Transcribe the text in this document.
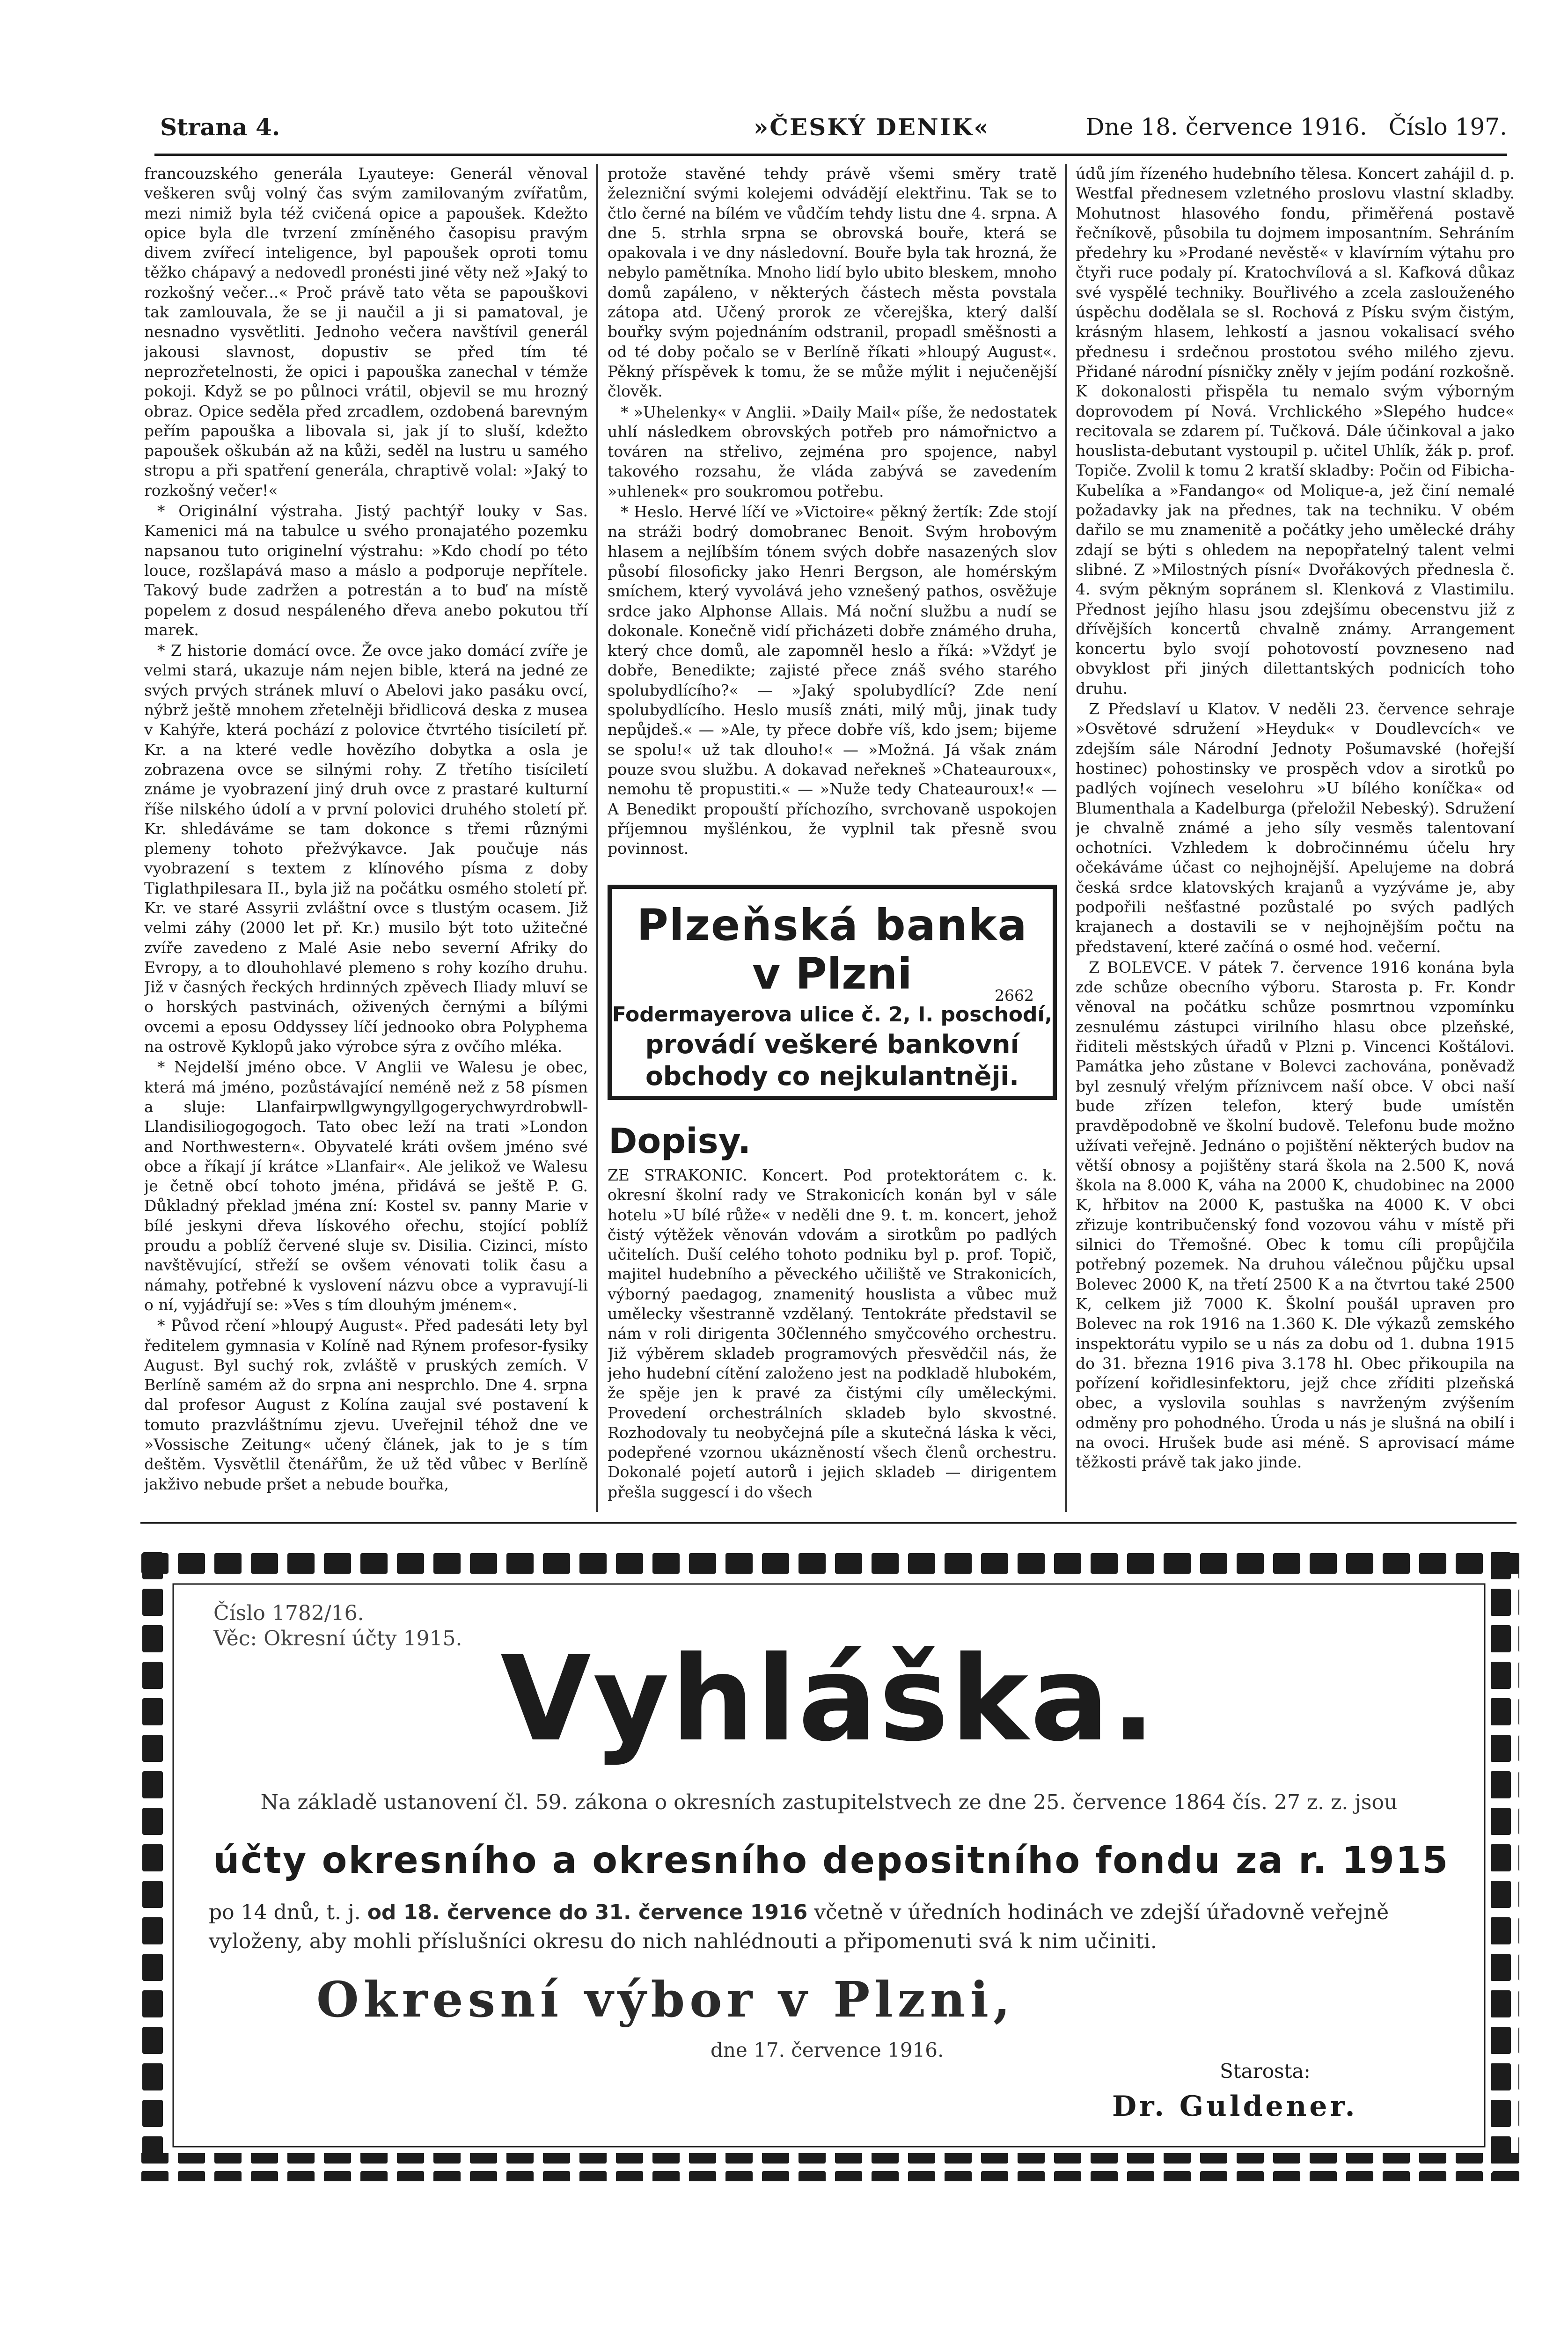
Strana 4.	»ČESKÝ DENIK«	Dne 18. července 1916. Číslo 197.

francouzského generála Lyauteye: Generál věnoval veškeren svůj volný čas svým zamilovaným zvířatům, mezi nimiž byla též cvičená opice a papoušek. Kdežto opice byla dle tvrzení zmíněného časopisu pravým divem zvířecí inteligence, byl papoušek oproti tomu těžko chápavý a nedovedl pronésti jiné věty než »Jaký to rozkošný večer...« Proč právě tato věta se papouškovi tak zamlouvala, že se ji naučil a ji si pamatoval, je nesnadno vysvětliti. Jednoho večera navštívil generál jakousi slavnost, dopustiv se před tím té neprozřetelnosti, že opici i papouška zanechal v témže pokoji. Když se po půlnoci vrátil, objevil se mu hrozný obraz. Opice seděla před zrcadlem, ozdobená barevným peřím papouška a libovala si, jak jí to sluší, kdežto papoušek oškubán až na kůži, seděl na lustru u samého stropu a při spatření generála, chraptivě volal: »Jaký to rozkošný večer!«

* Originální výstraha. Jistý pachtýř louky v Sas. Kamenici má na tabulce u svého pronajatého pozemku napsanou tuto originelní výstrahu: »Kdo chodí po této louce, rozšlapává maso a máslo a podporuje nepřítele. Takový bude zadržen a potrestán a to buď na místě popelem z dosud nespáleného dřeva anebo pokutou tří marek.

* Z historie domácí ovce. Že ovce jako domácí zvíře je velmi stará, ukazuje nám nejen bible, která na jedné ze svých prvých stránek mluví o Abelovi jako pasáku ovcí, nýbrž ještě mnohem zřetelněji břidlicová deska z musea v Kahýře, která pochází z polovice čtvrtého tisíciletí př. Kr. a na které vedle hovězího dobytka a osla je zobrazena ovce se silnými rohy. Z třetího tisíciletí známe je vyobrazení jiný druh ovce z prastaré kulturní říše nilského údolí a v první polovici druhého století př. Kr. shledáváme se tam dokonce s třemi různými plemeny tohoto přežvýkavce. Jak poučuje nás vyobrazení s textem z klínového písma z doby Tiglathpilesara II., byla již na počátku osmého století př. Kr. ve staré Assyrii zvláštní ovce s tlustým ocasem. Již velmi záhy (2000 let př. Kr.) musilo být toto užitečné zvíře zavedeno z Malé Asie nebo severní Afriky do Evropy, a to dlouhohlavé plemeno s rohy kozího druhu. Již v časných řeckých hrdinných zpěvech Iliady mluví se o horských pastvinách, oživených černými a bílými ovcemi a eposu Oddyssey líčí jednooko obra Polyphema na ostrově Kyklopů jako výrobce sýra z ovčího mléka.

* Nejdelší jméno obce. V Anglii ve Walesu je obec, která má jméno, pozůstávající neméně než z 58 písmen a sluje: Llanfairpwllgwyngyllgogerychwyrdrobwll-Llandisiliogogogoch. Tato obec leží na trati »London and Northwestern«. Obyvatelé kráti ovšem jméno své obce a říkají jí krátce »Llanfair«. Ale jelikož ve Walesu je četně obcí tohoto jména, přidává se ještě P. G. Důkladný překlad jména zní: Kostel sv. panny Marie v bílé jeskyni dřeva lískového ořechu, stojící poblíž proudu a poblíž červené sluje sv. Disilia. Cizinci, místo navštěvující, střeží se ovšem vénovati tolik času a námahy, potřebné k vyslovení názvu obce a vypravují-li o ní, vyjádřují se: »Ves s tím dlouhým jménem«.

* Původ rčení »hloupý August«. Před padesáti lety byl ředitelem gymnasia v Kolíně nad Rýnem profesor-fysiky August. Byl suchý rok, zvláště v pruských zemích. V Berlíně samém až do srpna ani nesprchlo. Dne 4. srpna dal profesor August z Kolína zaujal své postavení k tomuto prazvláštnímu zjevu. Uveřejnil téhož dne ve »Vossische Zeitung« učený článek, jak to je s tím deštěm. Vysvětlil čtenářům, že už těd vůbec v Berlíně jakživo nebude pršet a nebude bouřka,

protože stavěné tehdy právě všemi směry tratě železniční svými kolejemi odvádějí elektřinu. Tak se to čtlo černé na bílém ve vůdčím tehdy listu dne 4. srpna. A dne 5. strhla srpna se obrovská bouře, která se opakovala i ve dny následovní. Bouře byla tak hrozná, že nebylo pamětníka. Mnoho lidí bylo ubito bleskem, mnoho domů zapáleno, v některých částech města povstala zátopa atd. Učený prorok ze včerejška, který další bouřky svým pojednáním odstranil, propadl směšnosti a od té doby počalo se v Berlíně říkati »hloupý August«. Pěkný příspěvek k tomu, že se může mýlit i nejučenější člověk.

* »Uhelenky« v Anglii. »Daily Mail« píše, že nedostatek uhlí následkem obrovských potřeb pro námořnictvo a továren na střelivo, zejména pro spojence, nabyl takového rozsahu, že vláda zabývá se zavedením »uhlenek« pro soukromou potřebu.

* Heslo. Hervé líčí ve »Victoire« pěkný žertík: Zde stojí na stráži bodrý domobranec Benoit. Svým hrobovým hlasem a nejlíbším tónem svých dobře nasazených slov působí filosoficky jako Henri Bergson, ale homérským smíchem, který vyvolává jeho vznešený pathos, osvěžuje srdce jako Alphonse Allais. Má noční službu a nudí se dokonale. Konečně vidí přicházeti dobře známého druha, který chce domů, ale zapomněl heslo a říká: »Vždyť je dobře, Benedikte; zajisté přece znáš svého starého spolubydlícího?« — »Jaký spolubydlící? Zde není spolubydlícího. Heslo musíš znáti, milý můj, jinak tudy nepůjdeš.« — »Ale, ty přece dobře víš, kdo jsem; bijeme se spolu!« už tak dlouho!« — »Možná. Já však znám pouze svou službu. A dokavad neřekneš »Chateauroux«, nemohu tě propustiti.« — »Nuže tedy Chateauroux!« — A Benedikt propouští příchozího, svrchovaně uspokojen příjemnou myšlénkou, že vyplnil tak přesně svou povinnost.

Plzeňská banka
v Plzni	2662
Fodermayerova ulice č. 2, I. poschodí,
provádí veškeré bankovní
obchody co nejkulantněji.
Dopisy.

ZE STRAKONIC. Koncert. Pod protektorátem c. k. okresní školní rady ve Strakonicích konán byl v sále hotelu »U bílé růže« v neděli dne 9. t. m. koncert, jehož čistý výtěžek věnován vdovám a sirotkům po padlých učitelích. Duší celého tohoto podniku byl p. prof. Topič, majitel hudebního a pěveckého učiliště ve Strakonicích, výborný paedagog, znamenitý houslista a vůbec muž umělecky všestranně vzdělaný. Tentokráte představil se nám v roli dirigenta 30členného smyčcového orchestru. Již výběrem skladeb programových přesvědčil nás, že jeho hudební cítění založeno jest na podkladě hlubokém, že spěje jen k pravé za čistými cíly uměleckými. Provedení orchestrálních skladeb bylo skvostné. Rozhodovaly tu neobyčejná píle a skutečná láska k věci, podepřené vzornou ukázněností všech členů orchestru. Dokonalé pojetí autorů i jejich skladeb — dirigentem přešla suggescí i do všech

údů jím řízeného hudebního tělesa. Koncert zahájil d. p. Westfal přednesem vzletného proslovu vlastní skladby. Mohutnost hlasového fondu, přiměřená postavě řečníkově, působila tu dojmem imposantním. Sehráním předehry ku »Prodané nevěstě« v klavírním výtahu pro čtyři ruce podaly pí. Kratochvílová a sl. Kafková důkaz své vyspělé techniky. Bouřlivého a zcela zaslouženého úspěchu dodělala se sl. Rochová z Písku svým čistým, krásným hlasem, lehkostí a jasnou vokalisací svého přednesu i srdečnou prostotou svého milého zjevu. Přidané národní písničky zněly v jejím podání rozkošně. K dokonalosti přispěla tu nemalo svým výborným doprovodem pí Nová. Vrchlického »Slepého hudce« recitovala se zdarem pí. Tučková. Dále účinkoval a jako houslista-debutant vystoupil p. učitel Uhlík, žák p. prof. Topiče. Zvolil k tomu 2 kratší skladby: Počin od Fibicha-Kubelíka a »Fandango« od Molique-a, jež činí nemalé požadavky jak na přednes, tak na techniku. V obém dařilo se mu znamenitě a počátky jeho umělecké dráhy zdají se býti s ohledem na nepopřatelný talent velmi slibné. Z »Milostných písní« Dvořákových přednesla č. 4. svým pěkným sopránem sl. Klenková z Vlastimilu. Přednost jejího hlasu jsou zdejšímu obecenstvu již z dřívějších koncertů chvalně známy. Arrangement koncertu bylo svojí pohotovostí povzneseno nad obvyklost při jiných dilettantských podnicích toho druhu.

Z Předslaví u Klatov. V neděli 23. července sehraje »Osvětové sdružení »Heyduk« v Doudlevcích« ve zdejším sále Národní Jednoty Pošumavské (hořejší hostinec) pohostinsky ve prospěch vdov a sirotků po padlých vojínech veselohru »U bílého koníčka« od Blumenthala a Kadelburga (přeložil Nebeský). Sdružení je chvalně známé a jeho síly vesměs talentovaní ochotníci. Vzhledem k dobročinnému účelu hry očekáváme účast co nejhojnější. Apelujeme na dobrá česká srdce klatovských krajanů a vyzýváme je, aby podpořili nešťastné pozůstalé po svých padlých krajanech a dostavili se v nejhojnějším počtu na představení, které začíná o osmé hod. večerní.

Z BOLEVCE. V pátek 7. července 1916 konána byla zde schůze obecního výboru. Starosta p. Fr. Kondr věnoval na počátku schůze posmrtnou vzpomínku zesnulému zástupci virilního hlasu obce plzeňské, řiditeli městských úřadů v Plzni p. Vincenci Koštálovi. Památka jeho zůstane v Bolevci zachována, poněvadž byl zesnulý vřelým příznivcem naší obce. V obci naší bude zřízen telefon, který bude umístěn pravděpodobně ve školní budově. Telefonu bude možno užívati veřejně. Jednáno o pojištění některých budov na větší obnosy a pojištěny stará škola na 2.500 K, nová škola na 8.000 K, váha na 2000 K, chudobinec na 2000 K, hřbitov na 2000 K, pastuška na 4000 K. V obci zřizuje kontribučenský fond vozovou váhu v místě při silnici do Třemošné. Obec k tomu cíli propůjčila potřebný pozemek. Na druhou válečnou půjčku upsal Bolevec 2000 K, na třetí 2500 K a na čtvrtou také 2500 K, celkem již 7000 K. Školní poušál upraven pro Bolevec na rok 1916 na 1.360 K. Dle výkazů zemského inspektorátu vypilo se u nás za dobu od 1. dubna 1915 do 31. března 1916 piva 3.178 hl. Obec přikoupila na pořízení kořidlesinfektoru, jejž chce zříditi plzeňská obec, a vyslovila souhlas s navrženým zvýšením odměny pro pohodného. Úroda u nás je slušná na obilí i na ovoci. Hrušek bude asi méně. S aprovisací máme těžkosti právě tak jako jinde.

Číslo 1782/16.
Věc: Okresní účty 1915. Vyhláška.
Na základě ustanovení čl. 59. zákona o okresních zastupitelstvech ze dne 25. července 1864 čís. 27 z. z. jsou
účty okresního a okresního depositního fondu za r. 1915
po 14 dnů, t. j. od 18. července do 31. července 1916 včetně v úředních hodinách ve zdejší úřadovně veřejně vyloženy, aby mohli příslušníci okresu do nich nahlédnouti a připomenuti svá k nim učiniti.
Okresní výbor v Plzni,
dne 17. července 1916.
Starosta:
Dr. Guldener.
